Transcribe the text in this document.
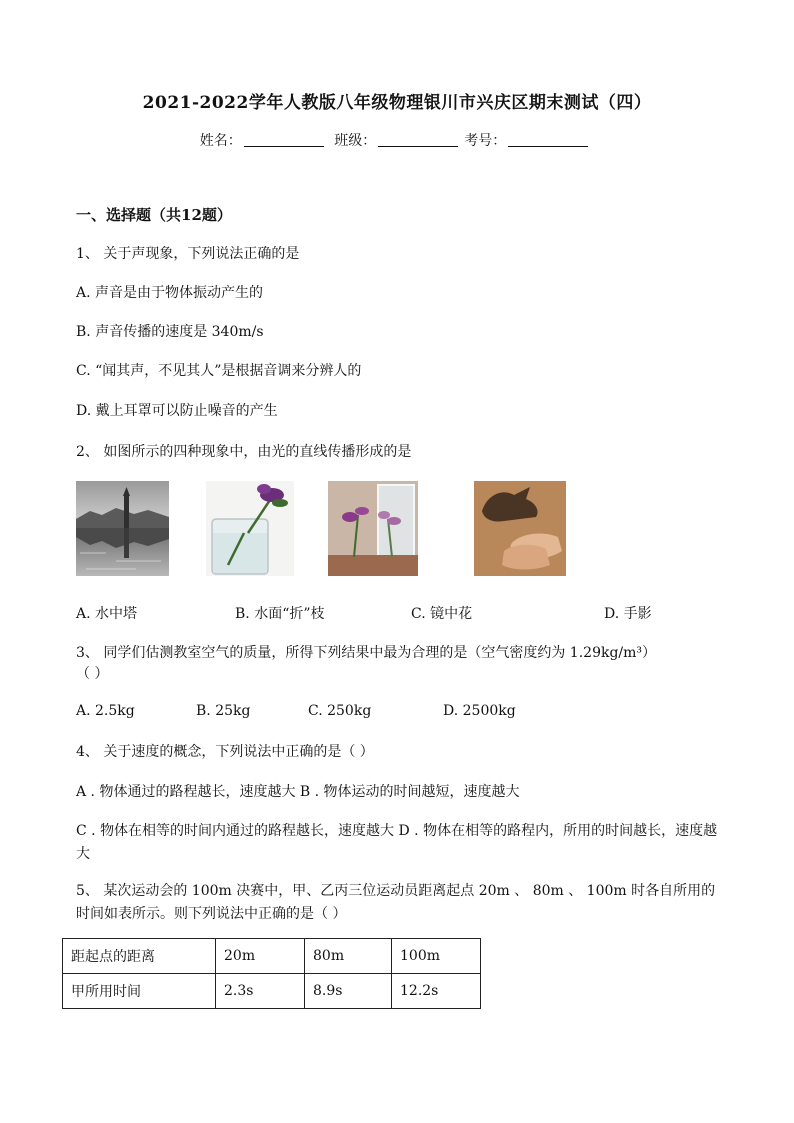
2021-2022学年人教版八年级物理银川市兴庆区期末测试（四）
姓名：	班级：	考号：
一、选择题（共12题）
1、 关于声现象，下列说法正确的是
A. 声音是由于物体振动产生的
B. 声音传播的速度是 340m/s
C. “闻其声，不见其人”是根据音调来分辨人的
D. 戴上耳罩可以防止噪音的产生
2、 如图所示的四种现象中，由光的直线传播形成的是
A. 水中塔	B. 水面“折”枝	C. 镜中花	D. 手影
3、 同学们估测教室空气的质量，所得下列结果中最为合理的是（空气密度约为 1.29kg/m³）
（ ）
A. 2.5kg	B. 25kg	C. 250kg	D. 2500kg
4、 关于速度的概念，下列说法中正确的是（ ）
A . 物体通过的路程越长，速度越大 B . 物体运动的时间越短，速度越大
C . 物体在相等的时间内通过的路程越长，速度越大 D . 物体在相等的路程内，所用的时间越长，速度越大
5、 某次运动会的 100m 决赛中，甲、乙丙三位运动员距离起点 20m 、 80m 、 100m 时各自所用的时间如表所示。则下列说法中正确的是（ ）
距起点的距离	20m	80m	100m
甲所用时间	2.3s	8.9s	12.2s
